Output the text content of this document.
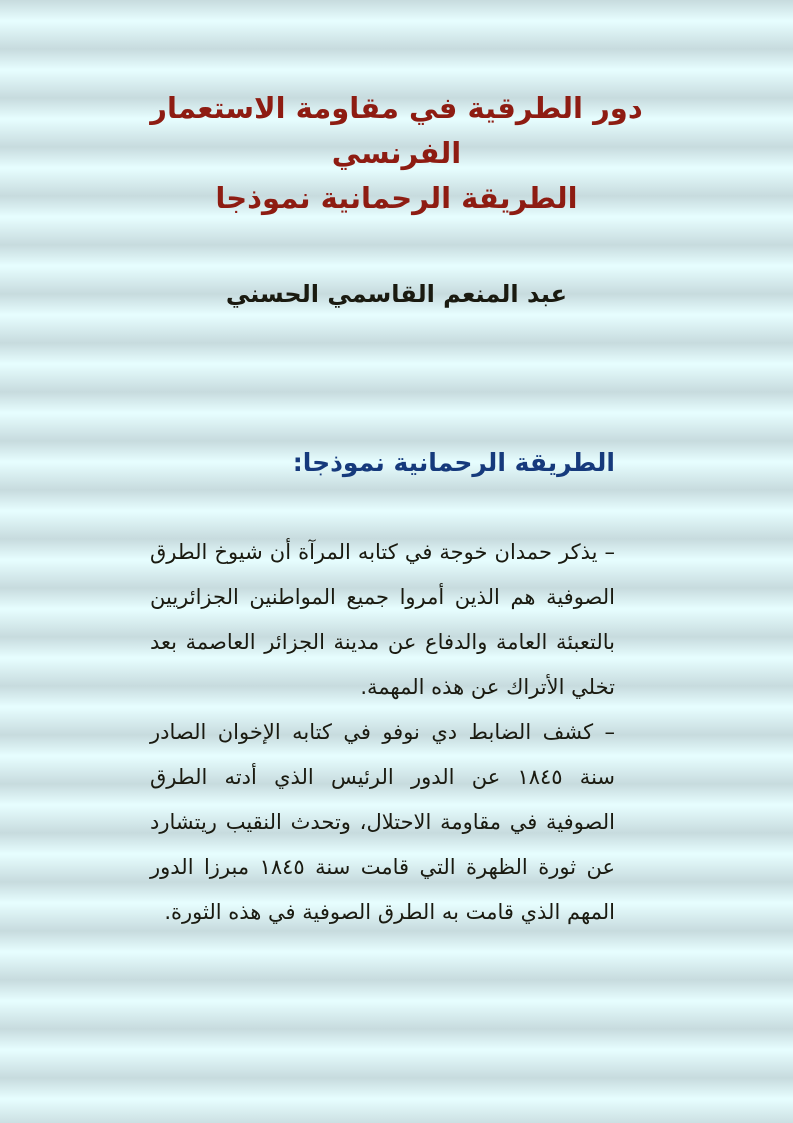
دور الطرقية في مقاومة الاستعمار
الفرنسي
الطريقة الرحمانية نموذجا
عبد المنعم القاسمي الحسني
الطريقة الرحمانية نموذجا:

– يذكر حمدان خوجة في كتابه المرآة أن شيوخ الطرق الصوفية هم الذين أمروا جميع المواطنين الجزائريين بالتعبئة العامة والدفاع عن مدينة الجزائر العاصمة بعد تخلي الأتراك عن هذه المهمة.

– كشف الضابط دي نوفو في كتابه الإخوان الصادر سنة ١٨٤٥ عن الدور الرئيس الذي أدته الطرق الصوفية في مقاومة الاحتلال، وتحدث النقيب ريتشارد عن ثورة الظهرة التي قامت سنة ١٨٤٥ مبرزا الدور المهم الذي قامت به الطرق الصوفية في هذه الثورة.
